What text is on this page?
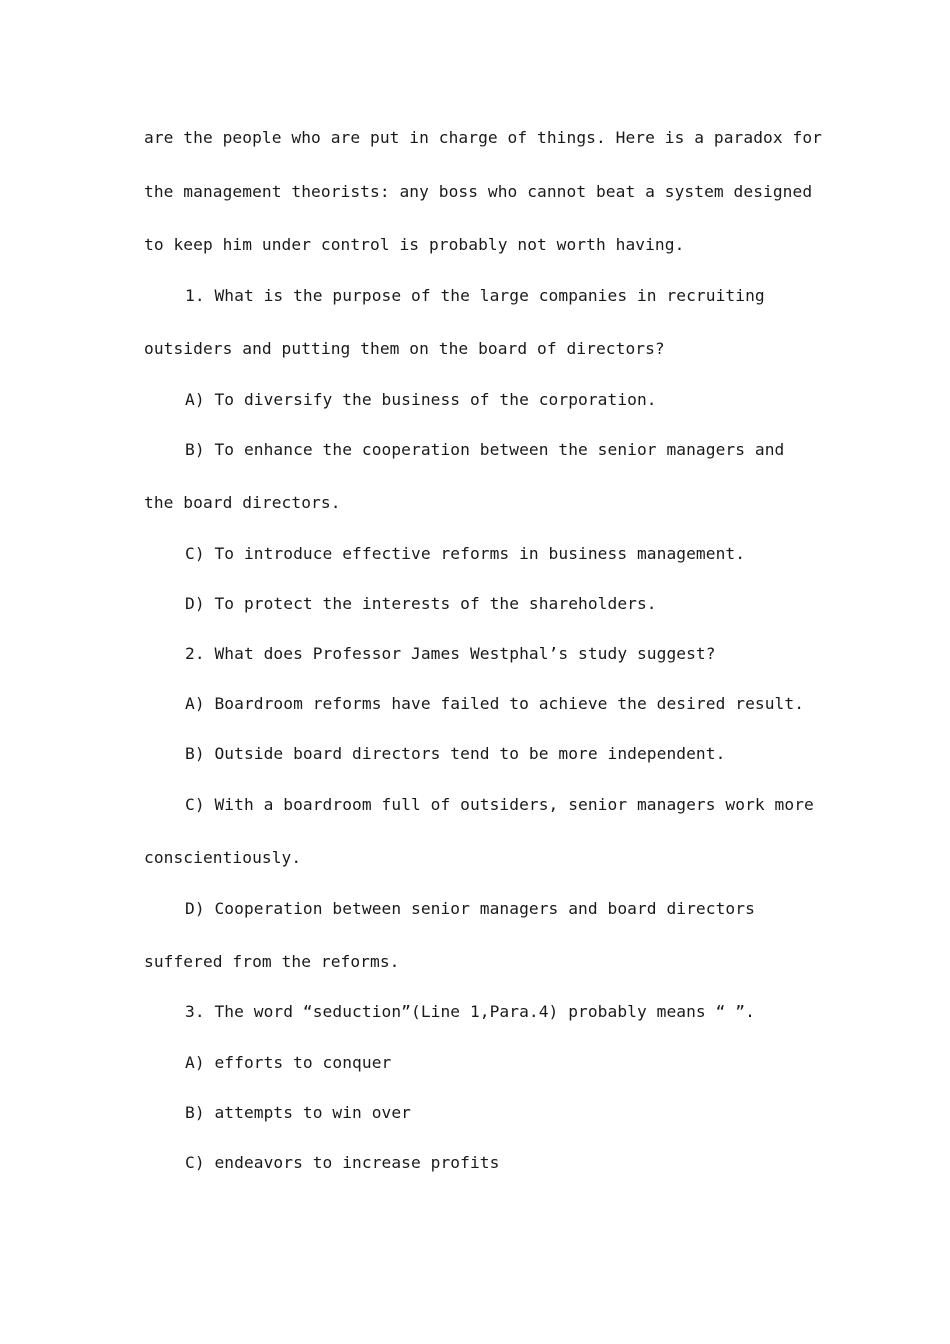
are the people who are put in charge of things. Here is a paradox for
the management theorists: any boss who cannot beat a system designed
to keep him under control is probably not worth having.
1. What is the purpose of the large companies in recruiting
outsiders and putting them on the board of directors?
A) To diversify the business of the corporation.
B) To enhance the cooperation between the senior managers and
the board directors.
C) To introduce effective reforms in business management.
D) To protect the interests of the shareholders.
2. What does Professor James Westphal’s study suggest?
A) Boardroom reforms have failed to achieve the desired result.
B) Outside board directors tend to be more independent.
C) With a boardroom full of outsiders, senior managers work more
conscientiously.
D) Cooperation between senior managers and board directors
suffered from the reforms.
3. The word “seduction”(Line 1,Para.4) probably means “ ”.
A) efforts to conquer
B) attempts to win over
C) endeavors to increase profits
